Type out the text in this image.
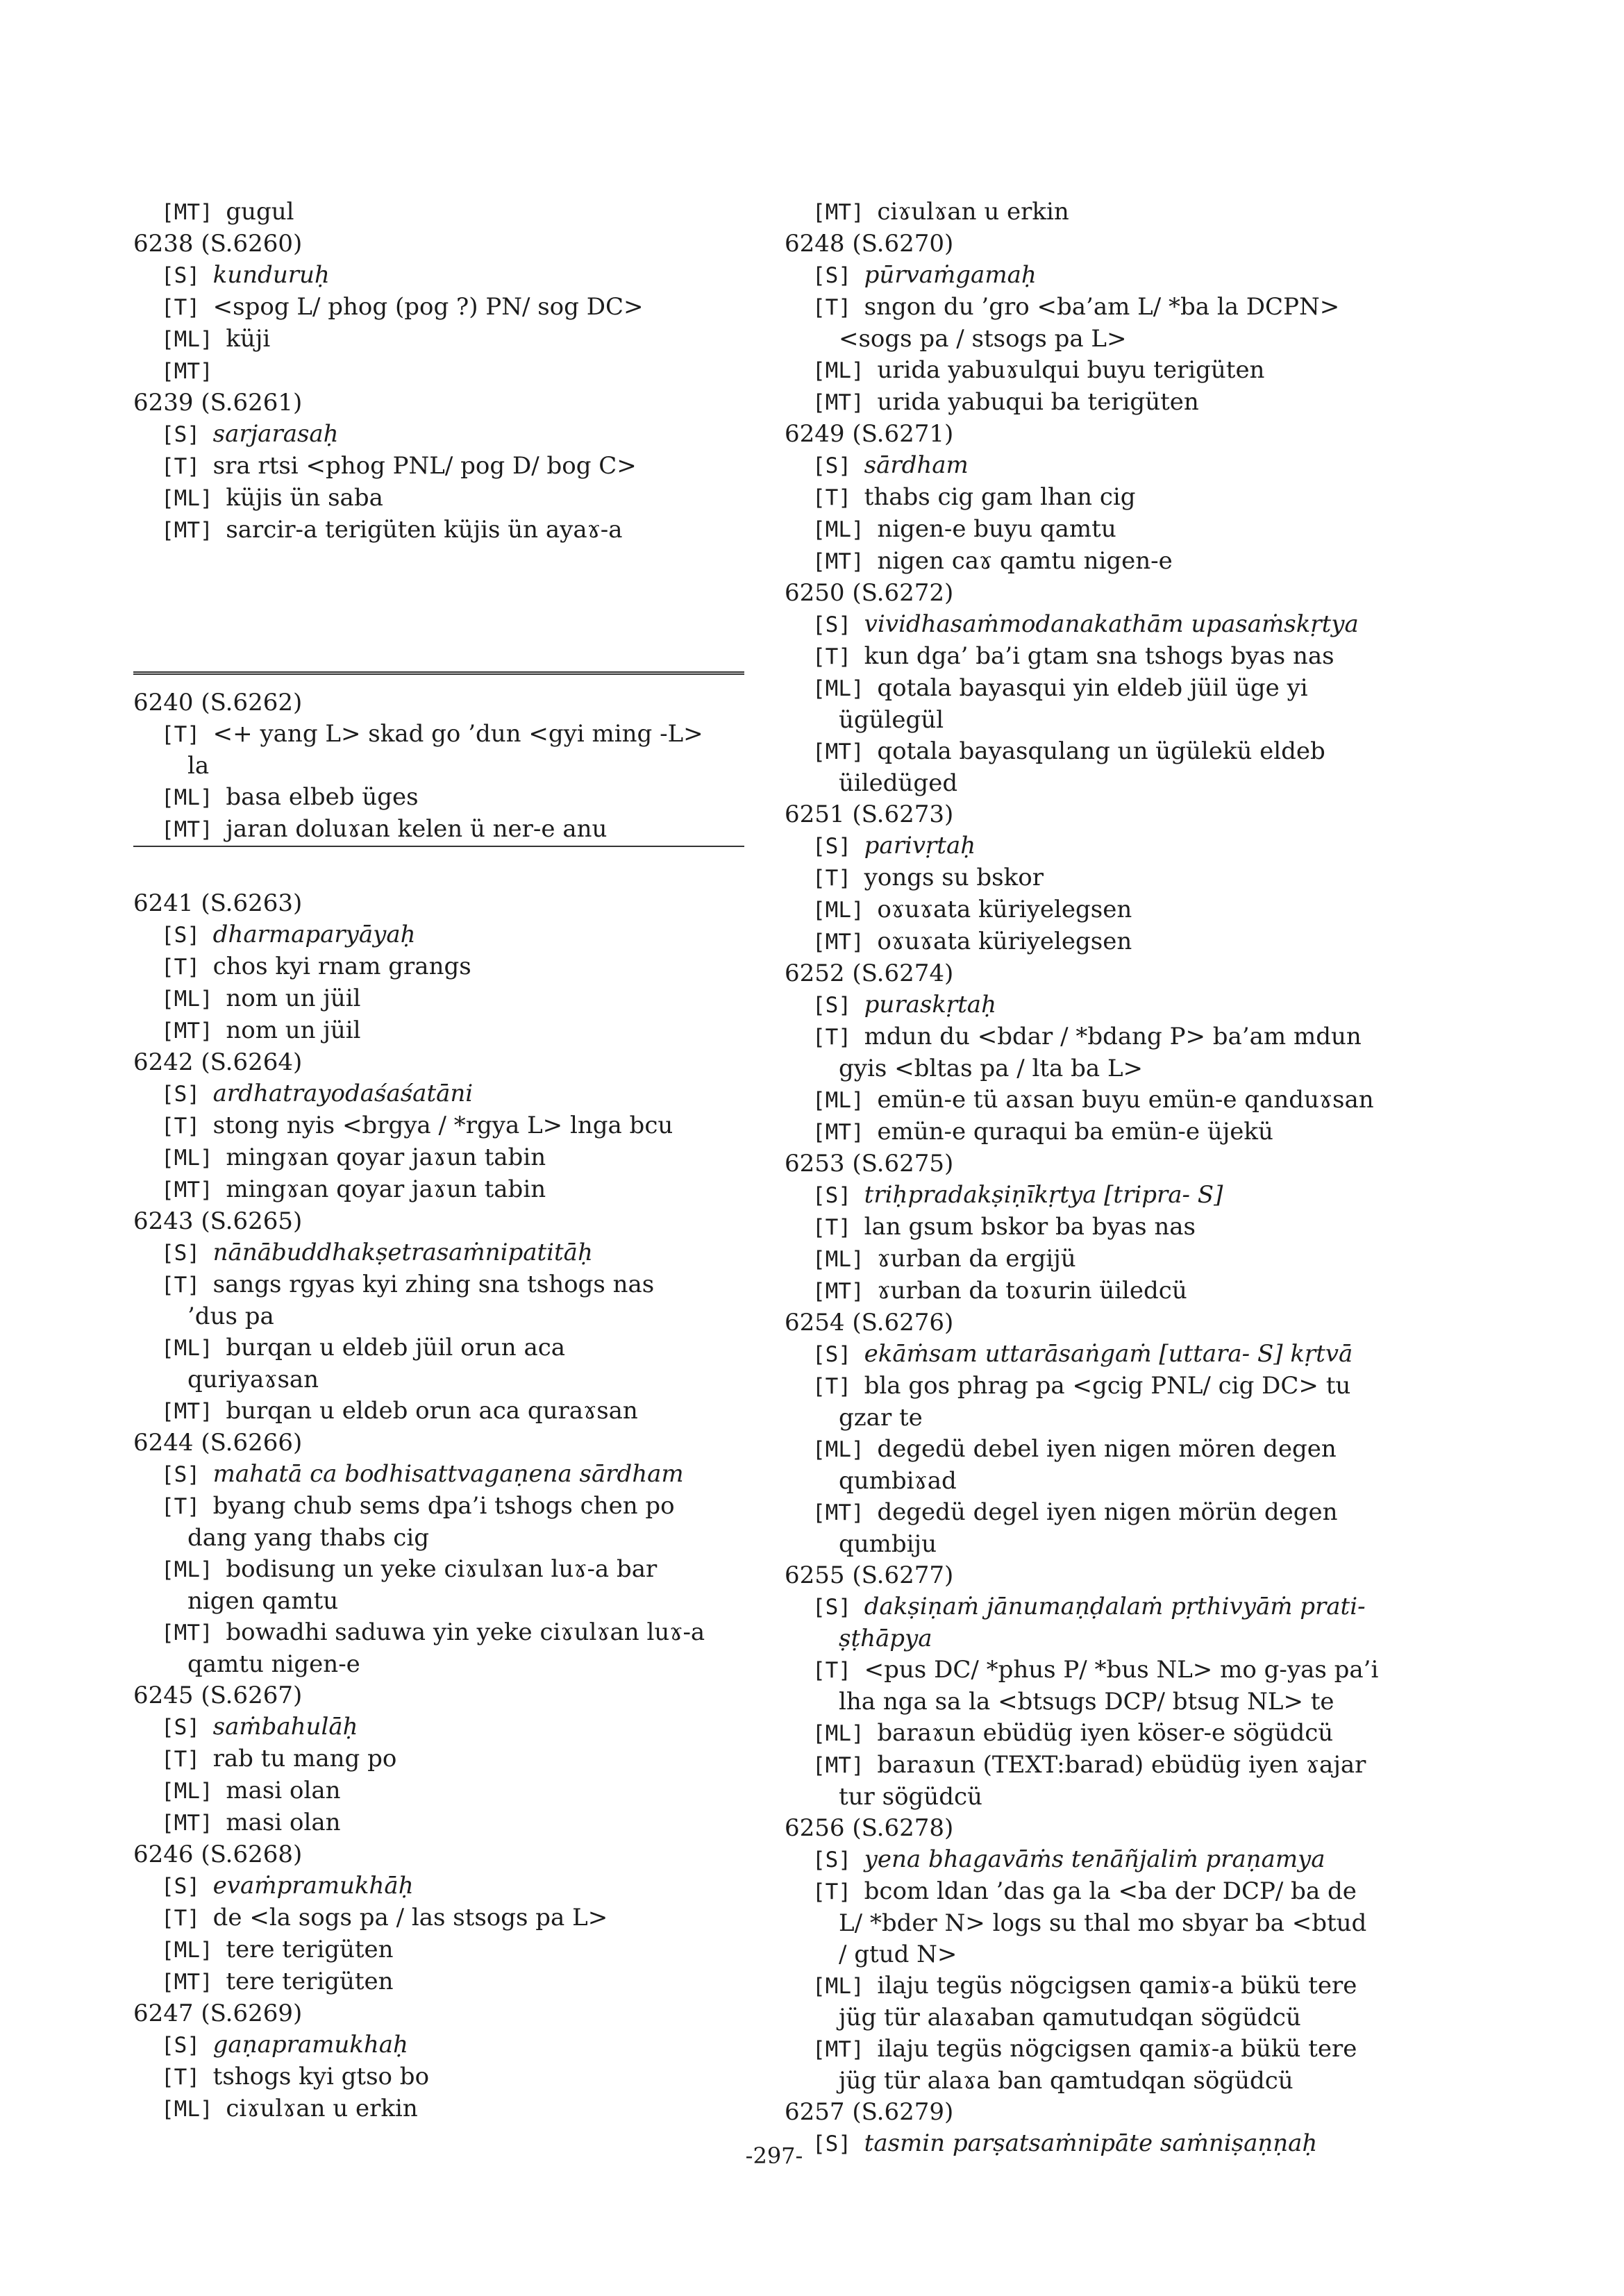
[MT] gugul
6238 (S.6260)
[S] kunduruḥ
[T] <spog L/ phog (pog ?) PN/ sog DC>
[ML] küji
[MT]
6239 (S.6261)
[S] sarjarasaḥ
[T] sra rtsi <phog PNL/ pog D/ bog C>
[ML] küjis ün saba
[MT] sarcir-a terigüten küjis ün ayaɤ-a
6240 (S.6262)
[T] <+ yang L> skad go ’dun <gyi ming -L>
la
[ML] basa elbeb üges
[MT] jaran doluɤan kelen ü ner-e anu
6241 (S.6263)
[S] dharmaparyāyaḥ
[T] chos kyi rnam grangs
[ML] nom un jüil
[MT] nom un jüil
6242 (S.6264)
[S] ardhatrayodaśaśatāni
[T] stong nyis <brgya / *rgya L> lnga bcu
[ML] mingɤan qoyar jaɤun tabin
[MT] mingɤan qoyar jaɤun tabin
6243 (S.6265)
[S] nānābuddhakṣetrasaṁnipatitāḥ
[T] sangs rgyas kyi zhing sna tshogs nas
’dus pa
[ML] burqan u eldeb jüil orun aca
quriyaɤsan
[MT] burqan u eldeb orun aca quraɤsan
6244 (S.6266)
[S] mahatā ca bodhisattvagaṇena sārdham
[T] byang chub sems dpa’i tshogs chen po
dang yang thabs cig
[ML] bodisung un yeke ciɤulɤan luɤ-a bar
nigen qamtu
[MT] bowadhi saduwa yin yeke ciɤulɤan luɤ-a
qamtu nigen-e
6245 (S.6267)
[S] saṁbahulāḥ
[T] rab tu mang po
[ML] masi olan
[MT] masi olan
6246 (S.6268)
[S] evaṁpramukhāḥ
[T] de <la sogs pa / las stsogs pa L>
[ML] tere terigüten
[MT] tere terigüten
6247 (S.6269)
[S] gaṇapramukhaḥ
[T] tshogs kyi gtso bo
[ML] ciɤulɤan u erkin
[MT] ciɤulɤan u erkin
6248 (S.6270)
[S] pūrvaṁgamaḥ
[T] sngon du ’gro <ba’am L/ *ba la DCPN>
<sogs pa / stsogs pa L>
[ML] urida yabuɤulqui buyu terigüten
[MT] urida yabuqui ba terigüten
6249 (S.6271)
[S] sārdham
[T] thabs cig gam lhan cig
[ML] nigen-e buyu qamtu
[MT] nigen caɤ qamtu nigen-e
6250 (S.6272)
[S] vividhasaṁmodanakathām upasaṁskṛtya
[T] kun dga’ ba’i gtam sna tshogs byas nas
[ML] qotala bayasqui yin eldeb jüil üge yi
ügülegül
[MT] qotala bayasqulang un ügülekü eldeb
üiledüged
6251 (S.6273)
[S] parivṛtaḥ
[T] yongs su bskor
[ML] oɤuɤata küriyelegsen
[MT] oɤuɤata küriyelegsen
6252 (S.6274)
[S] puraskṛtaḥ
[T] mdun du <bdar / *bdang P> ba’am mdun
gyis <bltas pa / lta ba L>
[ML] emün-e tü aɤsan buyu emün-e qanduɤsan
[MT] emün-e quraqui ba emün-e üjekü
6253 (S.6275)
[S] triḥpradakṣiṇīkṛtya [tripra- S]
[T] lan gsum bskor ba byas nas
[ML] ɤurban da ergijü
[MT] ɤurban da toɤurin üiledcü
6254 (S.6276)
[S] ekāṁsam uttarāsaṅgaṁ [uttara- S] kṛtvā
[T] bla gos phrag pa <gcig PNL/ cig DC> tu
gzar te
[ML] degedü debel iyen nigen mören degen
qumbiɤad
[MT] degedü degel iyen nigen mörün degen
qumbiju
6255 (S.6277)
[S] dakṣiṇaṁ jānumaṇḍalaṁ pṛthivyāṁ prati-
ṣṭhāpya
[T] <pus DC/ *phus P/ *bus NL> mo g-yas pa’i
lha nga sa la <btsugs DCP/ btsug NL> te
[ML] baraɤun ebüdüg iyen köser-e sögüdcü
[MT] baraɤun (TEXT:barad) ebüdüg iyen ɤajar
tur sögüdcü
6256 (S.6278)
[S] yena bhagavāṁs tenāñjaliṁ praṇamya
[T] bcom ldan ’das ga la <ba der DCP/ ba de
L/ *bder N> logs su thal mo sbyar ba <btud
/ gtud N>
[ML] ilaju tegüs nögcigsen qamiɤ-a bükü tere
jüg tür alaɤaban qamutudqan sögüdcü
[MT] ilaju tegüs nögcigsen qamiɤ-a bükü tere
jüg tür alaɤa ban qamtudqan sögüdcü
6257 (S.6279)
[S] tasmin parṣatsaṁnipāte saṁniṣaṇṇaḥ
-297-
